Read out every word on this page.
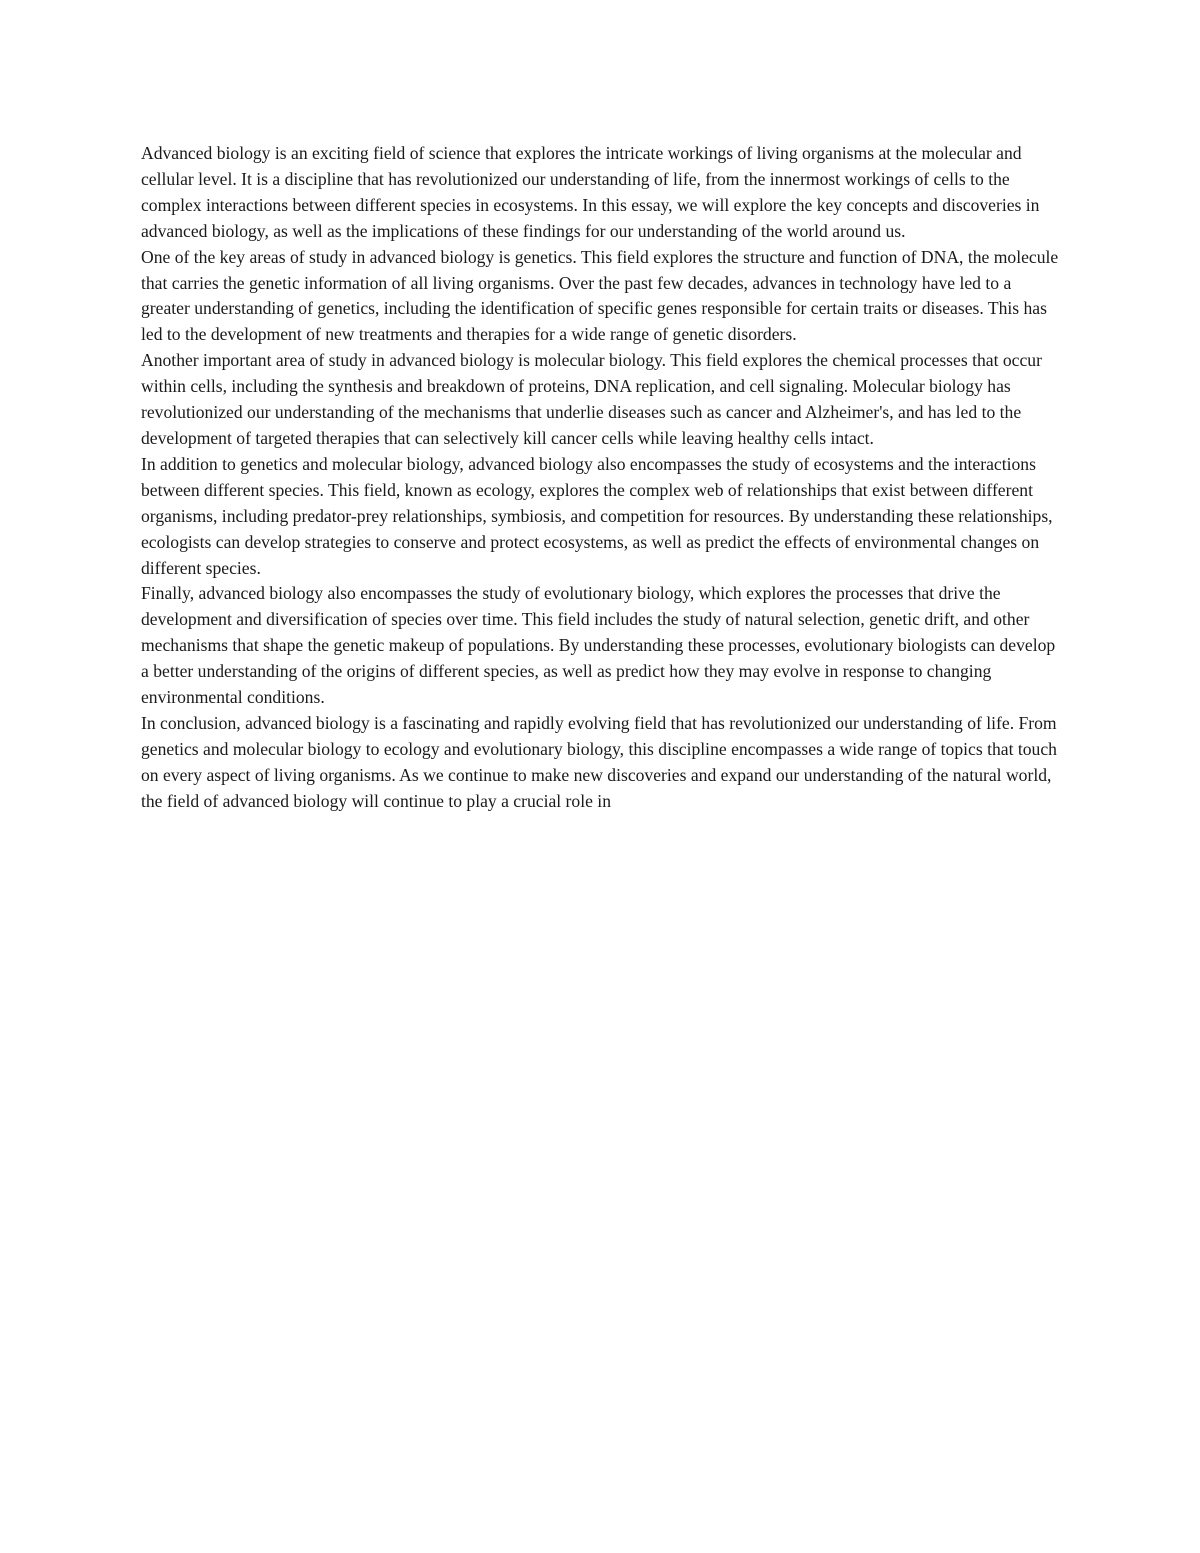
Advanced biology is an exciting field of science that explores the intricate workings of living organisms at the molecular and cellular level. It is a discipline that has revolutionized our understanding of life, from the innermost workings of cells to the complex interactions between different species in ecosystems. In this essay, we will explore the key concepts and discoveries in advanced biology, as well as the implications of these findings for our understanding of the world around us.

One of the key areas of study in advanced biology is genetics. This field explores the structure and function of DNA, the molecule that carries the genetic information of all living organisms. Over the past few decades, advances in technology have led to a greater understanding of genetics, including the identification of specific genes responsible for certain traits or diseases. This has led to the development of new treatments and therapies for a wide range of genetic disorders.

Another important area of study in advanced biology is molecular biology. This field explores the chemical processes that occur within cells, including the synthesis and breakdown of proteins, DNA replication, and cell signaling. Molecular biology has revolutionized our understanding of the mechanisms that underlie diseases such as cancer and Alzheimer's, and has led to the development of targeted therapies that can selectively kill cancer cells while leaving healthy cells intact.

In addition to genetics and molecular biology, advanced biology also encompasses the study of ecosystems and the interactions between different species. This field, known as ecology, explores the complex web of relationships that exist between different organisms, including predator-prey relationships, symbiosis, and competition for resources. By understanding these relationships, ecologists can develop strategies to conserve and protect ecosystems, as well as predict the effects of environmental changes on different species.

Finally, advanced biology also encompasses the study of evolutionary biology, which explores the processes that drive the development and diversification of species over time. This field includes the study of natural selection, genetic drift, and other mechanisms that shape the genetic makeup of populations. By understanding these processes, evolutionary biologists can develop a better understanding of the origins of different species, as well as predict how they may evolve in response to changing environmental conditions.

In conclusion, advanced biology is a fascinating and rapidly evolving field that has revolutionized our understanding of life. From genetics and molecular biology to ecology and evolutionary biology, this discipline encompasses a wide range of topics that touch on every aspect of living organisms. As we continue to make new discoveries and expand our understanding of the natural world, the field of advanced biology will continue to play a crucial role in
